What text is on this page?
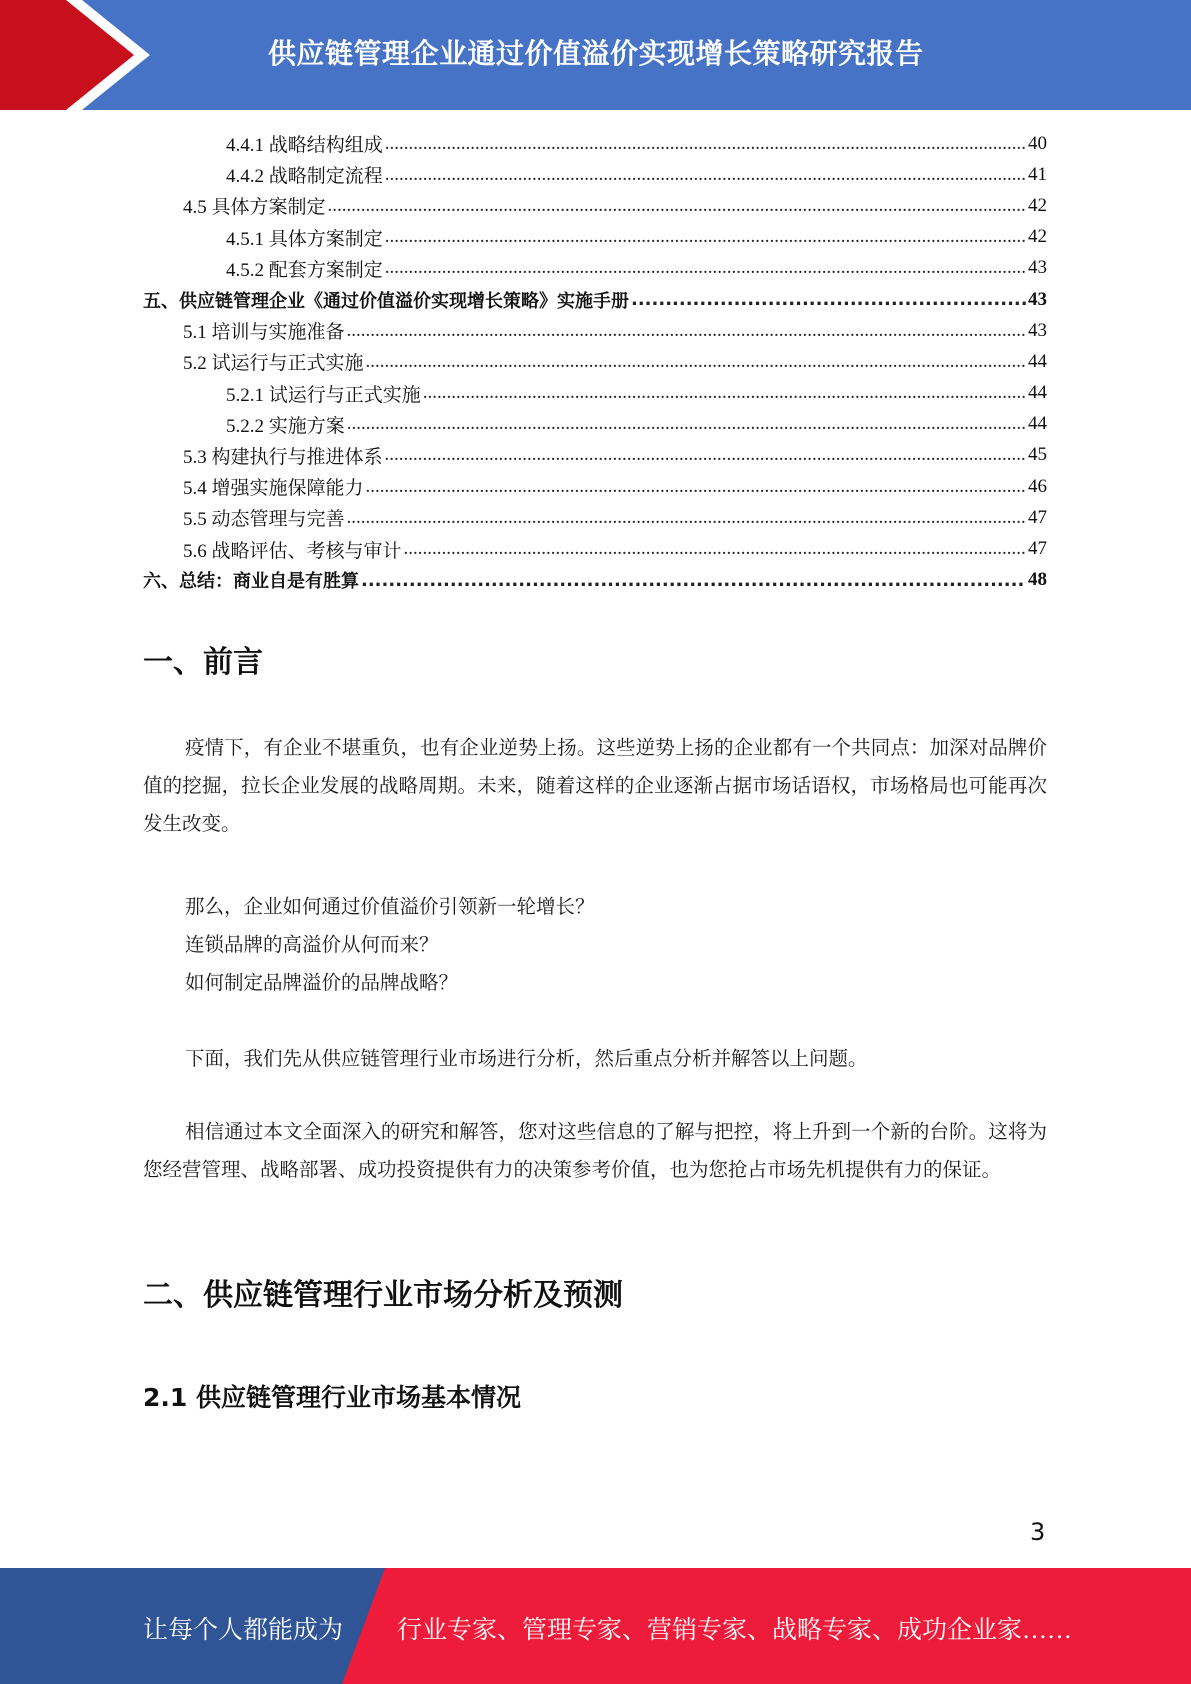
供应链管理企业通过价值溢价实现增长策略研究报告
4.4.1 战略结构组成 .....	40
4.4.2 战略制定流程 .....	41
4.5 具体方案制定 .....	42
4.5.1 具体方案制定 .....	42
4.5.2 配套方案制定 .....	43
五、供应链管理企业《通过价值溢价实现增长策略》实施手册 .....	43
5.1 培训与实施准备 .....	43
5.2 试运行与正式实施 .....	44
5.2.1 试运行与正式实施 .....	44
5.2.2 实施方案 .....	44
5.3 构建执行与推进体系 .....	45
5.4 增强实施保障能力 .....	46
5.5 动态管理与完善 .....	47
5.6 战略评估、考核与审计 .....	47
六、总结：商业自是有胜算 .....	48
一、前言
疫情下，有企业不堪重负，也有企业逆势上扬。这些逆势上扬的企业都有一个共同点：加深对品牌价值的挖掘，拉长企业发展的战略周期。未来，随着这样的企业逐渐占据市场话语权，市场格局也可能再次发生改变。
那么，企业如何通过价值溢价引领新一轮增长？
连锁品牌的高溢价从何而来？
如何制定品牌溢价的品牌战略？
下面，我们先从供应链管理行业市场进行分析，然后重点分析并解答以上问题。
相信通过本文全面深入的研究和解答，您对这些信息的了解与把控，将上升到一个新的台阶。这将为您经营管理、战略部署、成功投资提供有力的决策参考价值，也为您抢占市场先机提供有力的保证。
二、供应链管理行业市场分析及预测
2.1 供应链管理行业市场基本情况
3
让每个人都能成为 行业专家、管理专家、营销专家、战略专家、成功企业家……
